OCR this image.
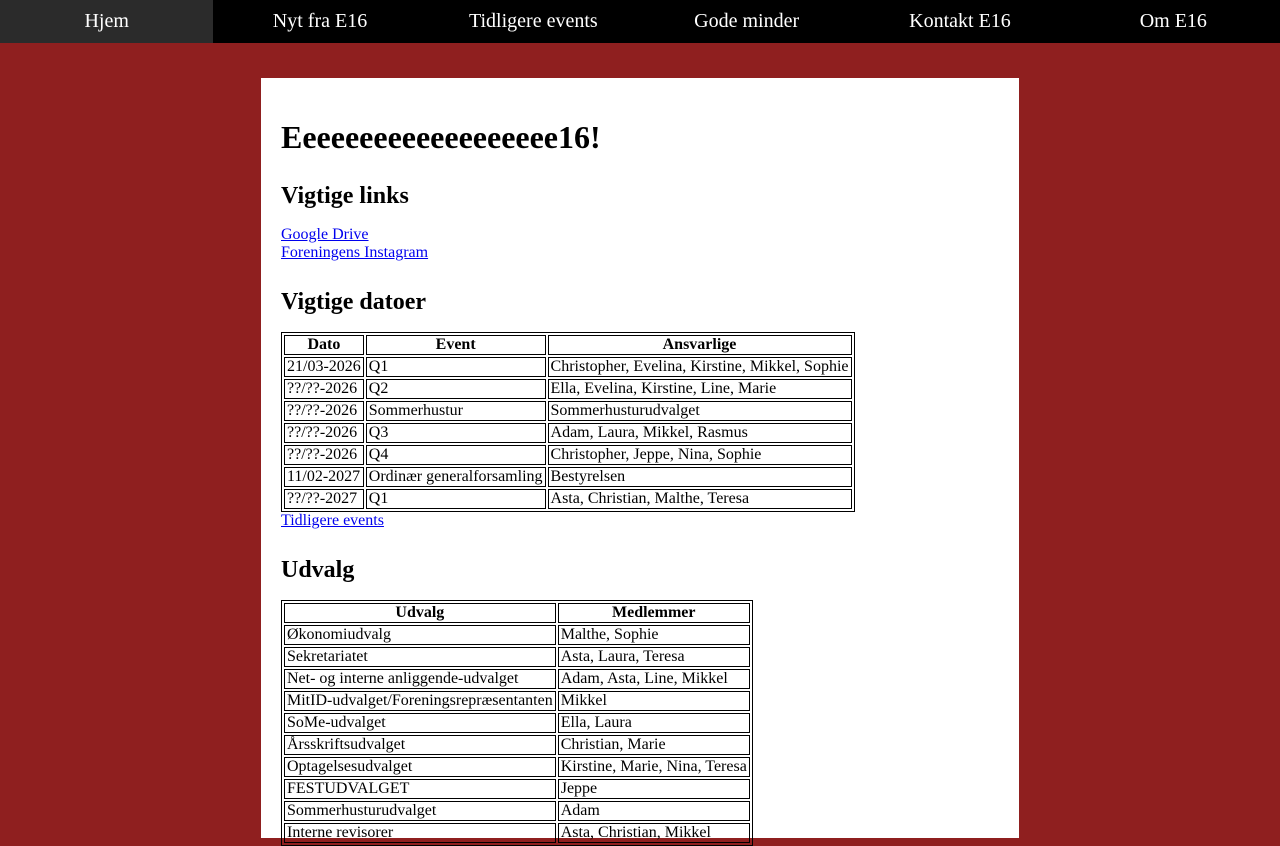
Hjem	Nyt fra E16	Tidligere events	Gode minder	Kontakt E16	Om E16
Eeeeeeeeeeeeeeeeeee16!
Vigtige links
Google Drive
Foreningens Instagram
Vigtige datoer
Dato	Event	Ansvarlige
21/03-2026	Q1	Christopher, Evelina, Kirstine, Mikkel, Sophie
??/??-2026	Q2	Ella, Evelina, Kirstine, Line, Marie
??/??-2026	Sommerhustur	Sommerhusturudvalget
??/??-2026	Q3	Adam, Laura, Mikkel, Rasmus
??/??-2026	Q4	Christopher, Jeppe, Nina, Sophie
11/02-2027	Ordinær generalforsamling	Bestyrelsen
??/??-2027	Q1	Asta, Christian, Malthe, Teresa
Tidligere events
Udvalg
Udvalg	Medlemmer
Økonomiudvalg	Malthe, Sophie
Sekretariatet	Asta, Laura, Teresa
Net- og interne anliggende-udvalget	Adam, Asta, Line, Mikkel
MitID-udvalget/Foreningsrepræsentanten	Mikkel
SoMe-udvalget	Ella, Laura
Årsskriftsudvalget	Christian, Marie
Optagelsesudvalget	Kirstine, Marie, Nina, Teresa
FESTUDVALGET	Jeppe
Sommerhusturudvalget	Adam
Interne revisorer	Asta, Christian, Mikkel
